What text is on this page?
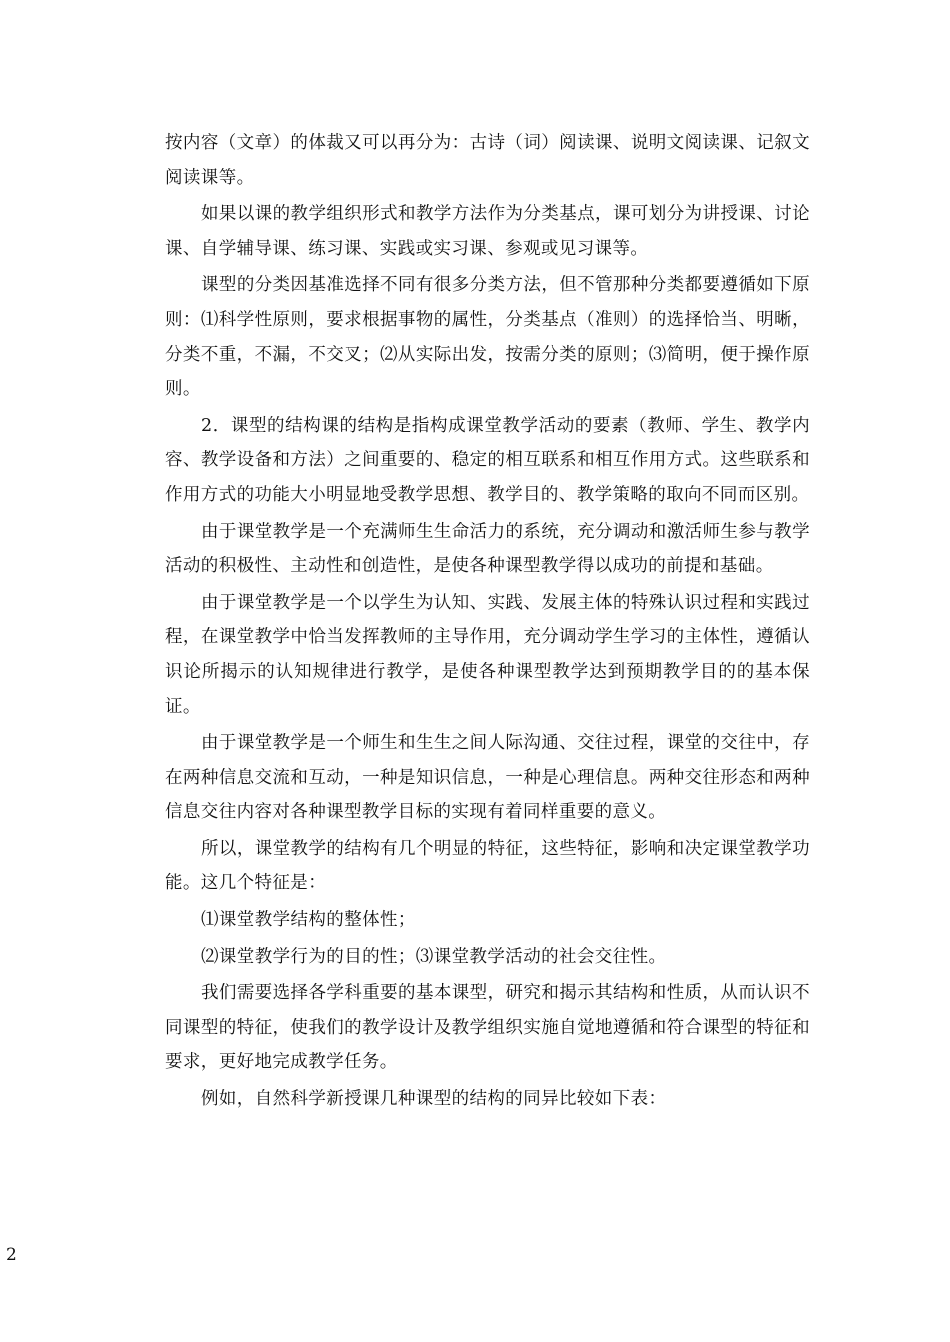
按内容（文章）的体裁又可以再分为：古诗（词）阅读课、说明文阅读课、记叙文阅读课等。

如果以课的教学组织形式和教学方法作为分类基点，课可划分为讲授课、讨论课、自学辅导课、练习课、实践或实习课、参观或见习课等。

课型的分类因基准选择不同有很多分类方法，但不管那种分类都要遵循如下原则：⑴科学性原则，要求根据事物的属性，分类基点（准则）的选择恰当、明晰，分类不重，不漏，不交叉；⑵从实际出发，按需分类的原则；⑶简明，便于操作原则。

2．课型的结构课的结构是指构成课堂教学活动的要素（教师、学生、教学内容、教学设备和方法）之间重要的、稳定的相互联系和相互作用方式。这些联系和作用方式的功能大小明显地受教学思想、教学目的、教学策略的取向不同而区别。

由于课堂教学是一个充满师生生命活力的系统，充分调动和激活师生参与教学活动的积极性、主动性和创造性，是使各种课型教学得以成功的前提和基础。

由于课堂教学是一个以学生为认知、实践、发展主体的特殊认识过程和实践过程，在课堂教学中恰当发挥教师的主导作用，充分调动学生学习的主体性，遵循认识论所揭示的认知规律进行教学，是使各种课型教学达到预期教学目的的基本保证。

由于课堂教学是一个师生和生生之间人际沟通、交往过程，课堂的交往中，存在两种信息交流和互动，一种是知识信息，一种是心理信息。两种交往形态和两种信息交往内容对各种课型教学目标的实现有着同样重要的意义。

所以，课堂教学的结构有几个明显的特征，这些特征，影响和决定课堂教学功能。这几个特征是：

⑴课堂教学结构的整体性；

⑵课堂教学行为的目的性；⑶课堂教学活动的社会交往性。

我们需要选择各学科重要的基本课型，研究和揭示其结构和性质，从而认识不同课型的特征，使我们的教学设计及教学组织实施自觉地遵循和符合课型的特征和要求，更好地完成教学任务。

例如，自然科学新授课几种课型的结构的同异比较如下表：

2
